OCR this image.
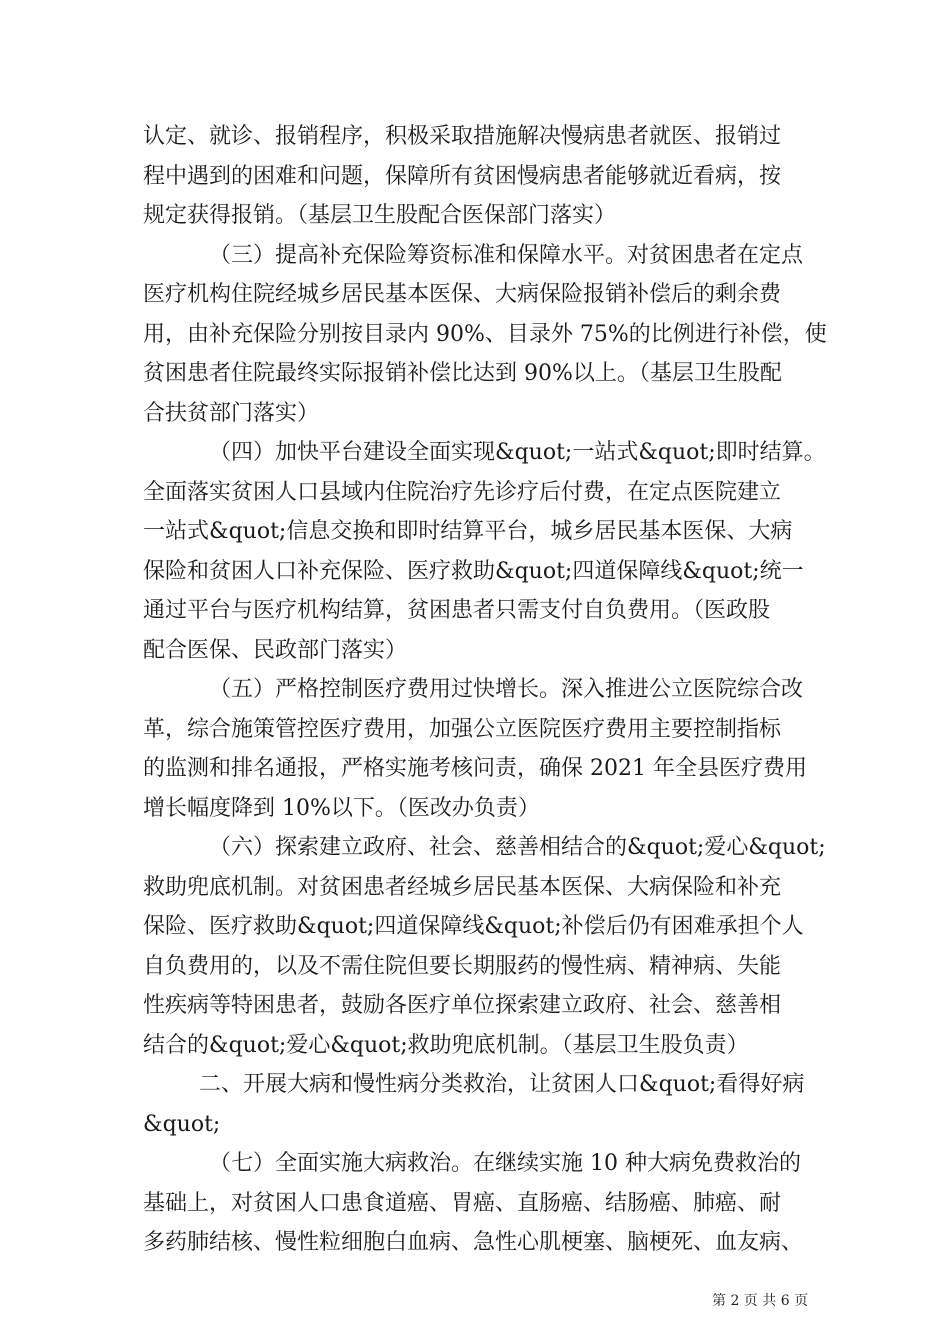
认定、就诊、报销程序，积极采取措施解决慢病患者就医、报销过
程中遇到的困难和问题，保障所有贫困慢病患者能够就近看病，按
规定获得报销。（基层卫生股配合医保部门落实）
（三）提高补充保险筹资标准和保障水平。对贫困患者在定点
医疗机构住院经城乡居民基本医保、大病保险报销补偿后的剩余费
用，由补充保险分别按目录内 90%、目录外 75%的比例进行补偿，使
贫困患者住院最终实际报销补偿比达到 90%以上。（基层卫生股配
合扶贫部门落实）
（四）加快平台建设全面实现&quot;一站式&quot;即时结算。
全面落实贫困人口县域内住院治疗先诊疗后付费，在定点医院建立
一站式&quot;信息交换和即时结算平台，城乡居民基本医保、大病
保险和贫困人口补充保险、医疗救助&quot;四道保障线&quot;统一
通过平台与医疗机构结算，贫困患者只需支付自负费用。（医政股
配合医保、民政部门落实）
（五）严格控制医疗费用过快增长。深入推进公立医院综合改
革，综合施策管控医疗费用，加强公立医院医疗费用主要控制指标
的监测和排名通报，严格实施考核问责，确保 2021 年全县医疗费用
增长幅度降到 10%以下。（医改办负责）
（六）探索建立政府、社会、慈善相结合的&quot;爱心&quot;
救助兜底机制。对贫困患者经城乡居民基本医保、大病保险和补充
保险、医疗救助&quot;四道保障线&quot;补偿后仍有困难承担个人
自负费用的，以及不需住院但要长期服药的慢性病、精神病、失能
性疾病等特困患者，鼓励各医疗单位探索建立政府、社会、慈善相
结合的&quot;爱心&quot;救助兜底机制。（基层卫生股负责）
二、开展大病和慢性病分类救治，让贫困人口&quot;看得好病
&quot;
（七）全面实施大病救治。在继续实施 10 种大病免费救治的
基础上，对贫困人口患食道癌、胃癌、直肠癌、结肠癌、肺癌、耐
多药肺结核、慢性粒细胞白血病、急性心肌梗塞、脑梗死、血友病、
第 2 页 共 6 页
